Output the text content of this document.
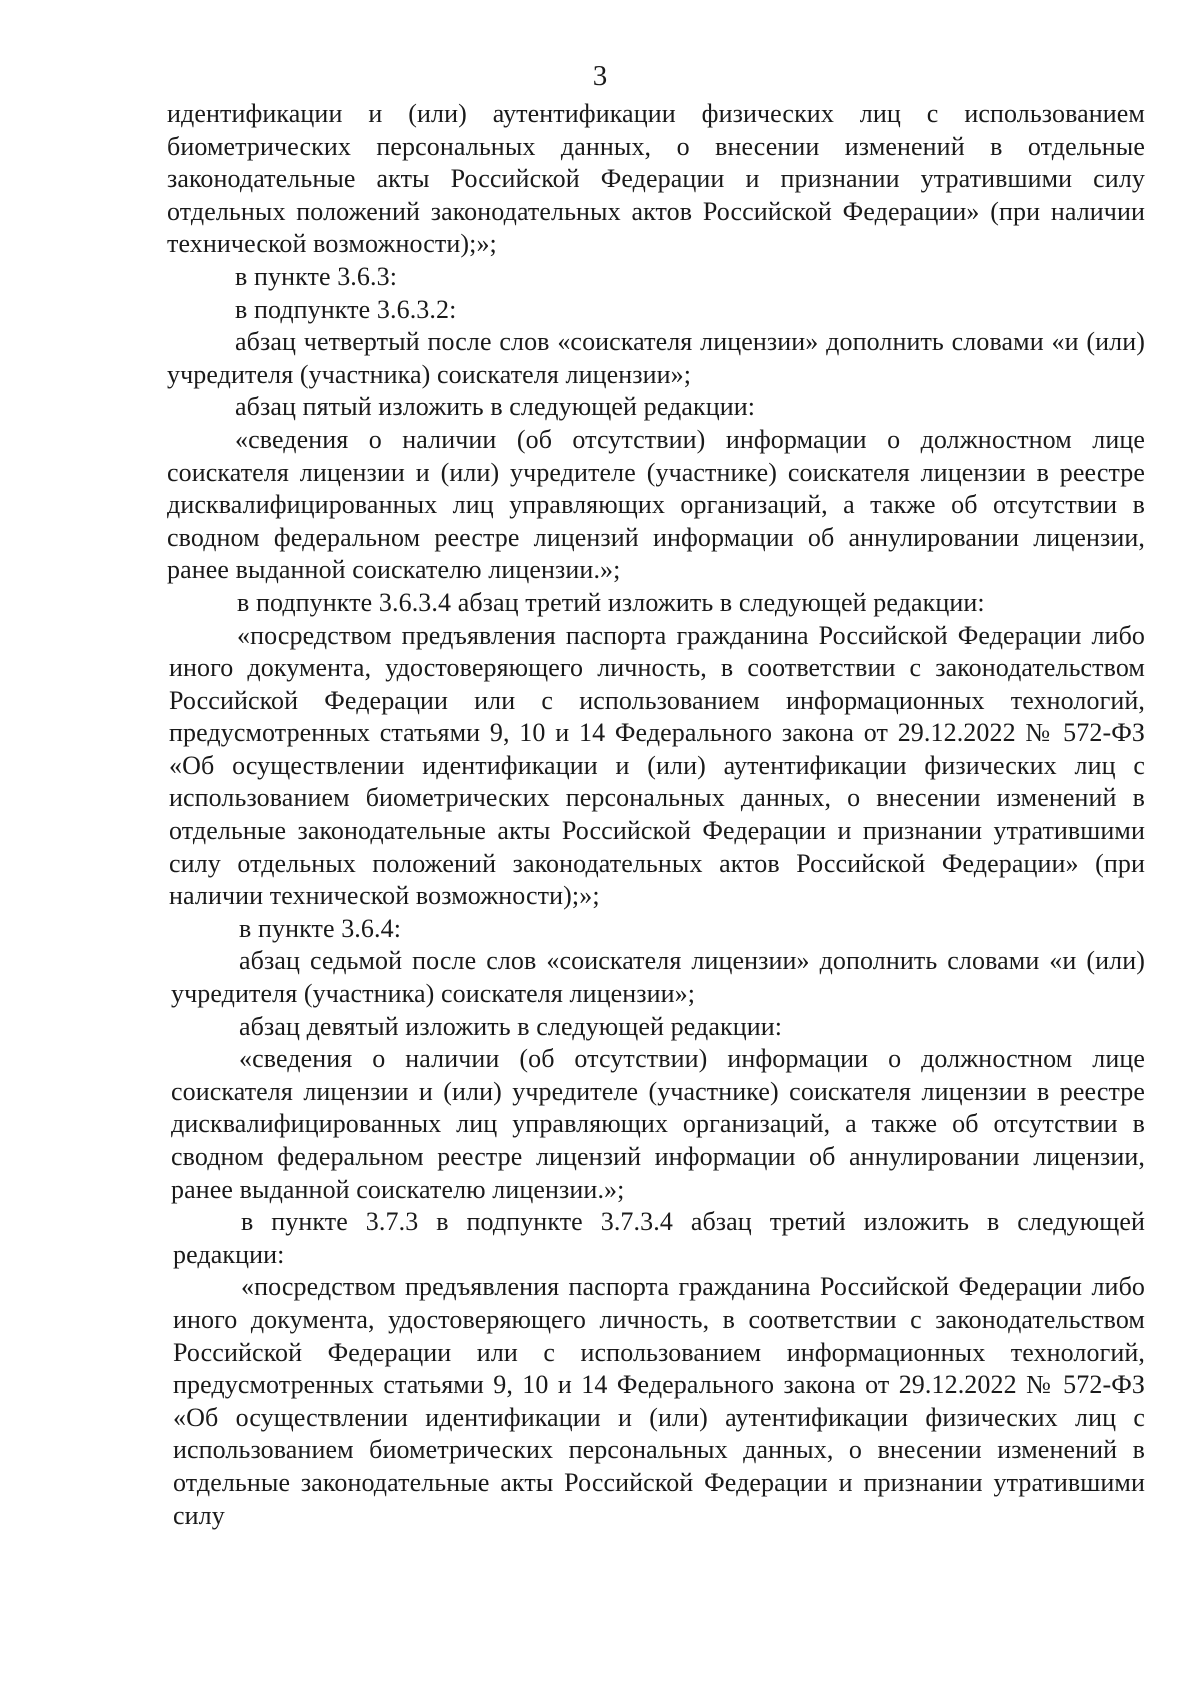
3

идентификации и (или) аутентификации физических лиц с использованием биометрических персональных данных, о внесении изменений в отдельные законодательные акты Российской Федерации и признании утратившими силу отдельных положений законодательных актов Российской Федерации» (при наличии технической возможности);»;

в пункте 3.6.3:

в подпункте 3.6.3.2:

абзац четвертый после слов «соискателя лицензии» дополнить словами «и (или) учредителя (участника) соискателя лицензии»;

абзац пятый изложить в следующей редакции:

«сведения о наличии (об отсутствии) информации о должностном лице соискателя лицензии и (или) учредителе (участнике) соискателя лицензии в реестре дисквалифицированных лиц управляющих организаций, а также об отсутствии в сводном федеральном реестре лицензий информации об аннулировании лицензии, ранее выданной соискателю лицензии.»;

в подпункте 3.6.3.4 абзац третий изложить в следующей редакции:

«посредством предъявления паспорта гражданина Российской Федерации либо иного документа, удостоверяющего личность, в соответствии с законодательством Российской Федерации или с использованием информационных технологий, предусмотренных статьями 9, 10 и 14 Федерального закона от 29.12.2022 № 572-ФЗ «Об осуществлении идентификации и (или) аутентификации физических лиц с использованием биометрических персональных данных, о внесении изменений в отдельные законодательные акты Российской Федерации и признании утратившими силу отдельных положений законодательных актов Российской Федерации» (при наличии технической возможности);»;

в пункте 3.6.4:

абзац седьмой после слов «соискателя лицензии» дополнить словами «и (или) учредителя (участника) соискателя лицензии»;

абзац девятый изложить в следующей редакции:

«сведения о наличии (об отсутствии) информации о должностном лице соискателя лицензии и (или) учредителе (участнике) соискателя лицензии в реестре дисквалифицированных лиц управляющих организаций, а также об отсутствии в сводном федеральном реестре лицензий информации об аннулировании лицензии, ранее выданной соискателю лицензии.»;

в пункте 3.7.3 в подпункте 3.7.3.4 абзац третий изложить в следующей редакции:

«посредством предъявления паспорта гражданина Российской Федерации либо иного документа, удостоверяющего личность, в соответствии с законодательством Российской Федерации или с использованием информационных технологий, предусмотренных статьями 9, 10 и 14 Федерального закона от 29.12.2022 № 572-ФЗ «Об осуществлении идентификации и (или) аутентификации физических лиц с использованием биометрических персональных данных, о внесении изменений в отдельные законодательные акты Российской Федерации и признании утратившими силу
